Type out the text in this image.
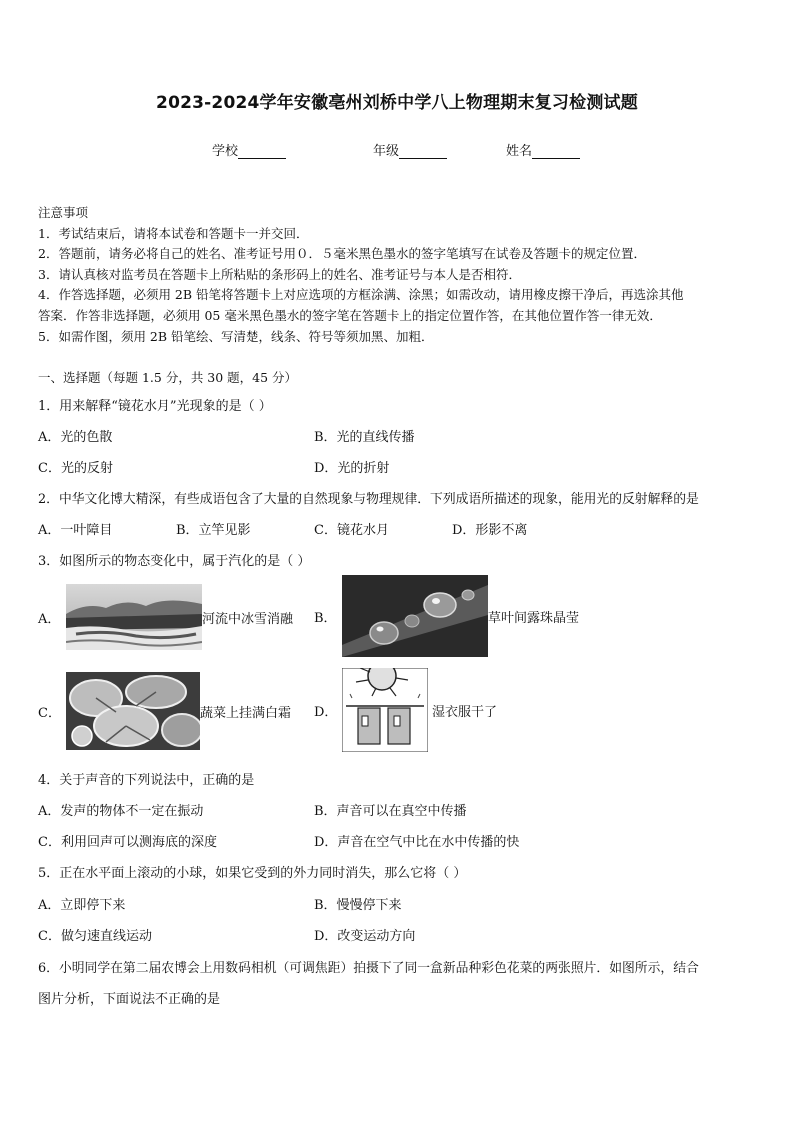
2023-2024学年安徽亳州刘桥中学八上物理期末复习检测试题
学校	年级	姓名
注意事项
1．考试结束后，请将本试卷和答题卡一并交回．
2．答题前，请务必将自己的姓名、准考证号用０．５毫米黑色墨水的签字笔填写在试卷及答题卡的规定位置．
3．请认真核对监考员在答题卡上所粘贴的条形码上的姓名、准考证号与本人是否相符．
4．作答选择题，必须用 2B 铅笔将答题卡上对应选项的方框涂满、涂黑；如需改动，请用橡皮擦干净后，再选涂其他
答案．作答非选择题，必须用 05 毫米黑色墨水的签字笔在答题卡上的指定位置作答，在其他位置作答一律无效．
5．如需作图，须用 2B 铅笔绘、写清楚，线条、符号等须加黑、加粗．
一、选择题（每题 1.5 分，共 30 题，45 分）
1．用来解释“镜花水月”光现象的是（ ）
A．光的色散	B．光的直线传播
C．光的反射	D．光的折射
2．中华文化博大精深，有些成语包含了大量的自然现象与物理规律．下列成语所描述的现象，能用光的反射解释的是
A．一叶障目	B．立竿见影	C．镜花水月	D．形影不离
3．如图所示的物态变化中，属于汽化的是（ ）
A．	河流中冰雪消融 B．	草叶间露珠晶莹
C．	蔬菜上挂满白霜 D．	湿衣服干了
4．关于声音的下列说法中，正确的是
A．发声的物体不一定在振动	B．声音可以在真空中传播
C．利用回声可以测海底的深度	D．声音在空气中比在水中传播的快
5．正在水平面上滚动的小球，如果它受到的外力同时消失，那么它将（ ）
A．立即停下来	B．慢慢停下来
C．做匀速直线运动	D．改变运动方向
6．小明同学在第二届农博会上用数码相机（可调焦距）拍摄下了同一盒新品种彩色花菜的两张照片．如图所示，结合
图片分析，下面说法不正确的是
